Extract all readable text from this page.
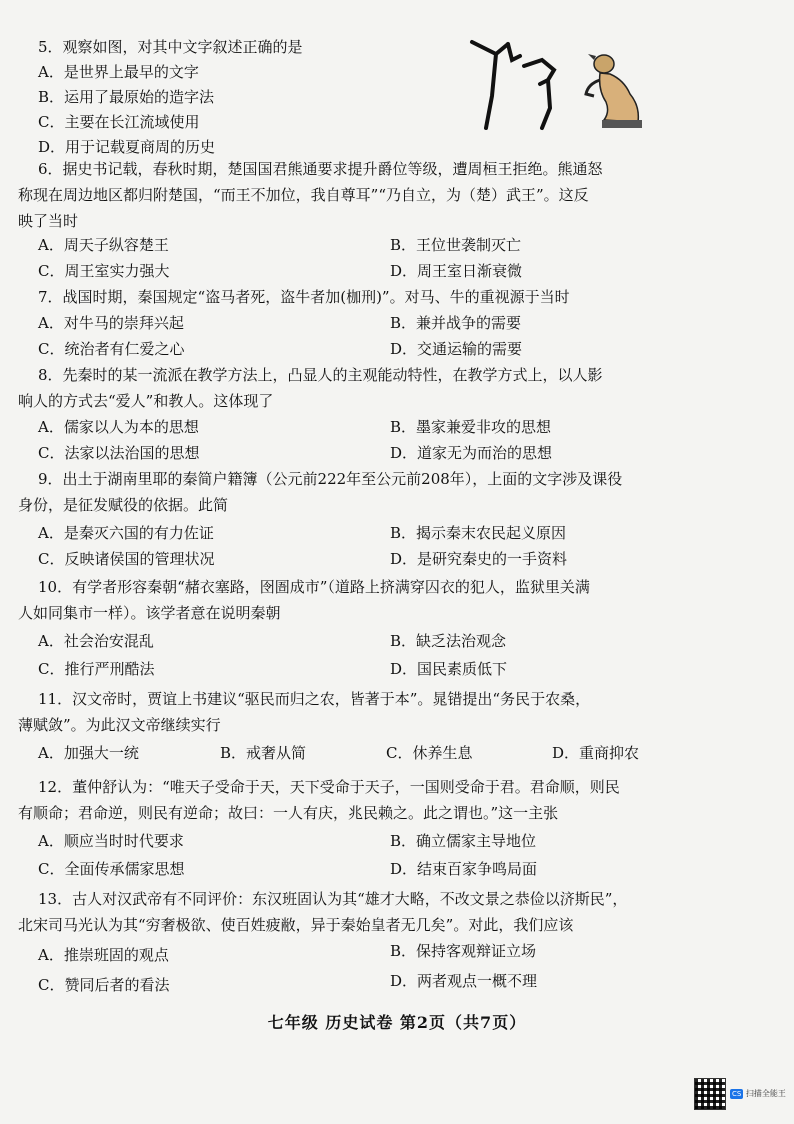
5．观察如图，对其中文字叙述正确的是

A．是世界上最早的文字
B．运用了最原始的造字法
C．主要在长江流域使用
D．用于记载夏商周的历史

6．据史书记载，春秋时期，楚国国君熊通要求提升爵位等级，遭周桓王拒绝。熊通怒

称现在周边地区都归附楚国，“而王不加位，我自尊耳”“乃自立，为（楚）武王”。这反

映了当时

A．周天子纵容楚王	B．王位世袭制灭亡
C．周王室实力强大	D．周王室日渐衰微

7．战国时期，秦国规定“盗马者死，盗牛者加(枷刑)”。对马、牛的重视源于当时

A．对牛马的崇拜兴起	B．兼并战争的需要
C．统治者有仁爱之心	D．交通运输的需要

8．先秦时的某一流派在教学方法上，凸显人的主观能动特性，在教学方式上，以人影

响人的方式去“爱人”和教人。这体现了

A．儒家以人为本的思想	B．墨家兼爱非攻的思想
C．法家以法治国的思想	D．道家无为而治的思想

9．出土于湖南里耶的秦简户籍簿（公元前222年至公元前208年），上面的文字涉及课役

身份，是征发赋役的依据。此简

A．是秦灭六国的有力佐证	B．揭示秦末农民起义原因
C．反映诸侯国的管理状况	D．是研究秦史的一手资料

10．有学者形容秦朝“赭衣塞路，囹圄成市”（道路上挤满穿囚衣的犯人，监狱里关满

人如同集市一样）。该学者意在说明秦朝

A．社会治安混乱	B．缺乏法治观念
C．推行严刑酷法	D．国民素质低下

11．汉文帝时，贾谊上书建议“驱民而归之农，皆著于本”。晁错提出“务民于农桑，

薄赋敛”。为此汉文帝继续实行

A．加强大一统	B．戒奢从简	C．休养生息	D．重商抑农

12．董仲舒认为：“唯天子受命于天，天下受命于天子，一国则受命于君。君命顺，则民

有顺命；君命逆，则民有逆命；故曰：一人有庆，兆民赖之。此之谓也。”这一主张

A．顺应当时时代要求	B．确立儒家主导地位
C．全面传承儒家思想	D．结束百家争鸣局面

13．古人对汉武帝有不同评价：东汉班固认为其“雄才大略，不改文景之恭俭以济斯民”，

北宋司马光认为其“穷奢极欲、使百姓疲敝，异于秦始皇者无几矣”。对此，我们应该

A．推崇班固的观点	B．保持客观辩证立场
C．赞同后者的看法	D．两者观点一概不理
七年级 历史试卷 第2页（共7页）
CS 扫描全能王
